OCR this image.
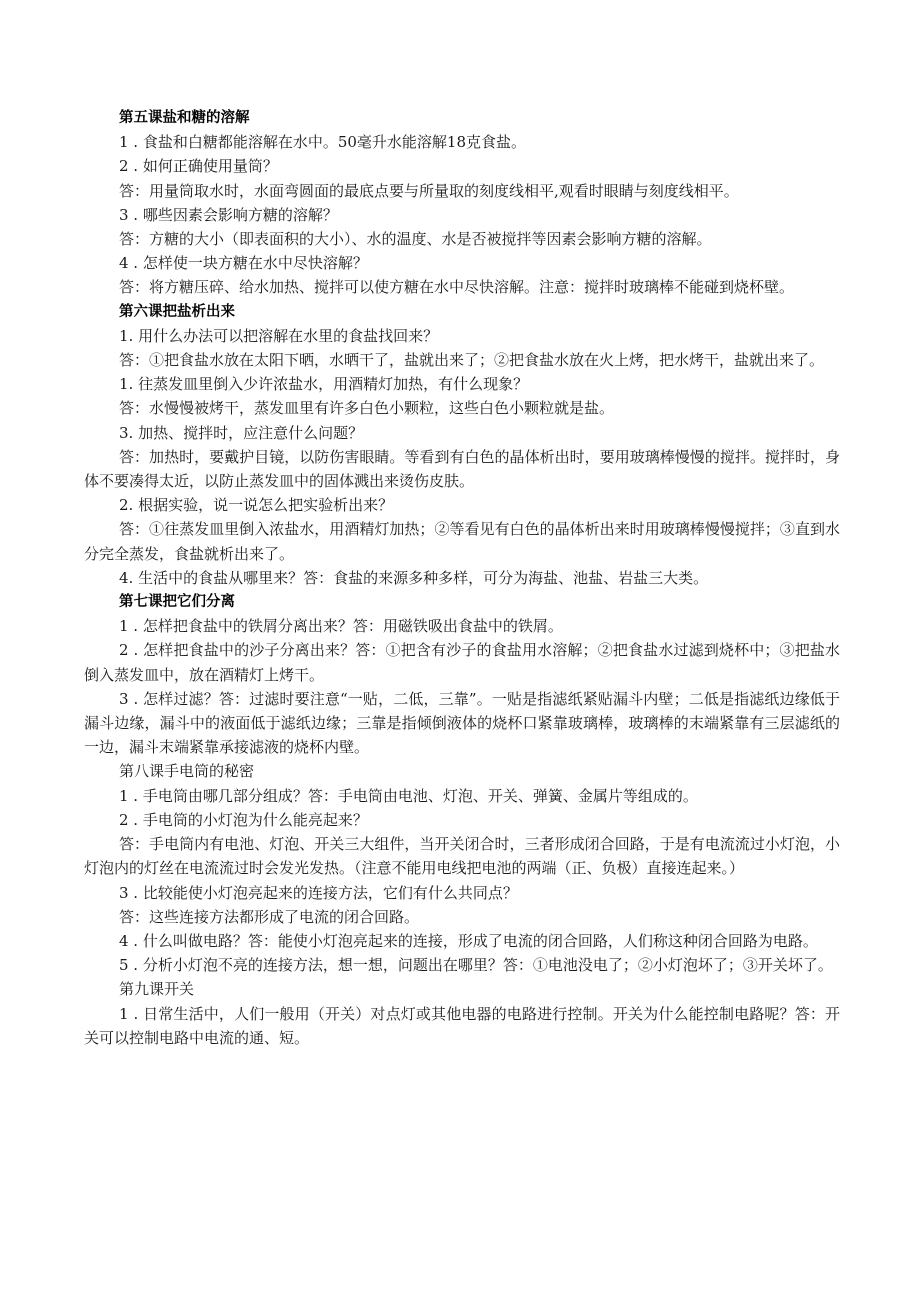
第五课盐和糖的溶解

1 . 食盐和白糖都能溶解在水中。50毫升水能溶解18克食盐。

2 . 如何正确使用量筒？

答：用量筒取水时，水面弯圆面的最底点要与所量取的刻度线相平,观看时眼睛与刻度线相平。

3 . 哪些因素会影响方糖的溶解？

答：方糖的大小（即表面积的大小）、水的温度、水是否被搅拌等因素会影响方糖的溶解。

4 . 怎样使一块方糖在水中尽快溶解？

答：将方糖压碎、给水加热、搅拌可以使方糖在水中尽快溶解。注意：搅拌时玻璃棒不能碰到烧杯壁。

第六课把盐析出来

1. 用什么办法可以把溶解在水里的食盐找回来？

答：①把食盐水放在太阳下晒，水晒干了，盐就出来了；②把食盐水放在火上烤，把水烤干，盐就出来了。

1. 往蒸发皿里倒入少许浓盐水，用酒精灯加热，有什么现象？

答：水慢慢被烤干，蒸发皿里有许多白色小颗粒，这些白色小颗粒就是盐。

3. 加热、搅拌时，应注意什么问题？

答：加热时，要戴护目镜，以防伤害眼睛。等看到有白色的晶体析出时，要用玻璃棒慢慢的搅拌。搅拌时，身体不要凑得太近，以防止蒸发皿中的固体溅出来烫伤皮肤。

2. 根据实验，说一说怎么把实验析出来？

答：①往蒸发皿里倒入浓盐水，用酒精灯加热；②等看见有白色的晶体析出来时用玻璃棒慢慢搅拌；③直到水分完全蒸发，食盐就析出来了。

4. 生活中的食盐从哪里来？答：食盐的来源多种多样，可分为海盐、池盐、岩盐三大类。

第七课把它们分离

1 . 怎样把食盐中的铁屑分离出来？答：用磁铁吸出食盐中的铁屑。

2 . 怎样把食盐中的沙子分离出来？答：①把含有沙子的食盐用水溶解；②把食盐水过滤到烧杯中；③把盐水倒入蒸发皿中，放在酒精灯上烤干。

3 . 怎样过滤？答：过滤时要注意“一贴，二低，三靠”。一贴是指滤纸紧贴漏斗内壁；二低是指滤纸边缘低于漏斗边缘，漏斗中的液面低于滤纸边缘；三靠是指倾倒液体的烧杯口紧靠玻璃棒，玻璃棒的末端紧靠有三层滤纸的一边，漏斗末端紧靠承接滤液的烧杯内壁。

第八课手电筒的秘密

1 . 手电筒由哪几部分组成？答：手电筒由电池、灯泡、开关、弹簧、金属片等组成的。

2 . 手电筒的小灯泡为什么能亮起来？

答：手电筒内有电池、灯泡、开关三大组件，当开关闭合时，三者形成闭合回路，于是有电流流过小灯泡，小灯泡内的灯丝在电流流过时会发光发热。（注意不能用电线把电池的两端（正、负极）直接连起来。）

3 . 比较能使小灯泡亮起来的连接方法，它们有什么共同点？

答：这些连接方法都形成了电流的闭合回路。

4 . 什么叫做电路？答：能使小灯泡亮起来的连接，形成了电流的闭合回路，人们称这种闭合回路为电路。

5 . 分析小灯泡不亮的连接方法，想一想，问题出在哪里？答：①电池没电了；②小灯泡坏了；③开关坏了。

第九课开关

1 . 日常生活中，人们一般用（开关）对点灯或其他电器的电路进行控制。开关为什么能控制电路呢？答：开关可以控制电路中电流的通、短。
